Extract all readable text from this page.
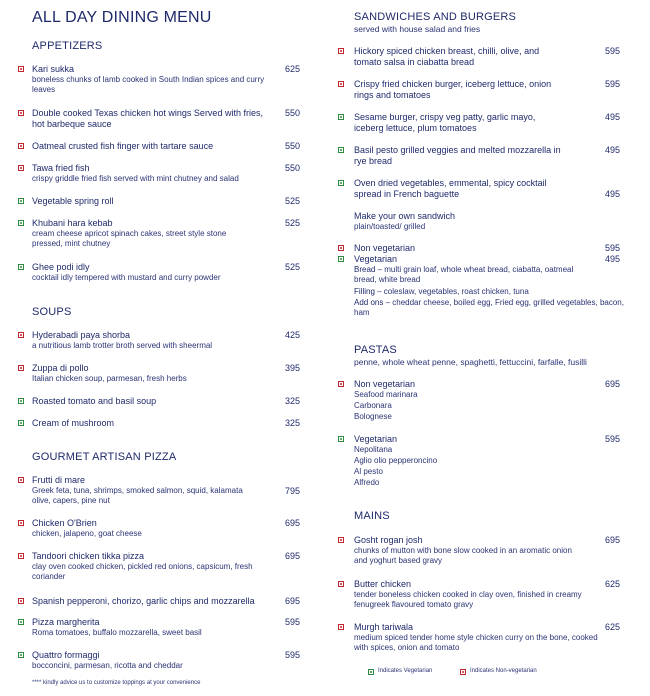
ALL DAY DINING MENU
APPETIZERS
Kari sukka
boneless chunks of lamb cooked in South Indian spices and curry leaves
625
Double cooked Texas chicken hot wings Served with fries, hot barbeque sauce
550
Oatmeal crusted fish finger with tartare sauce	550
Tawa fried fish
crispy griddle fried fish served with mint chutney and salad
550
Vegetable spring roll	525
Khubani hara kebab
cream cheese apricot spinach cakes, street style stone pressed, mint chutney
525
Ghee podi idly
cocktail idly tempered with mustard and curry powder
525
SOUPS
Hyderabadi paya shorba
a nutritious lamb trotter broth served with sheermal
425
Zuppa di pollo
Italian chicken soup, parmesan, fresh herbs
395
Roasted tomato and basil soup	325
Cream of mushroom	325
GOURMET ARTISAN PIZZA
Frutti di mare
Greek feta, tuna, shrimps, smoked salmon, squid, kalamata olive, capers, pine nut
795
Chicken O'Brien
chicken, jalapeno, goat cheese
695
Tandoori chicken tikka pizza
clay oven cooked chicken, pickled red onions, capsicum, fresh coriander
695
Spanish pepperoni, chorizo, garlic chips and mozzarella	695
Pizza margherita
Roma tomatoes, buffalo mozzarella, sweet basil
595
Quattro formaggi
bocconcini, parmesan, ricotta and cheddar
595
**** kindly advice us to customize toppings at your convenience
SANDWICHES AND BURGERS
served with house salad and fries
Hickory spiced chicken breast, chilli, olive, and tomato salsa in ciabatta bread
595
Crispy fried chicken burger, iceberg lettuce, onion rings and tomatoes
595
Sesame burger, crispy veg patty, garlic mayo, iceberg lettuce, plum tomatoes
495
Basil pesto grilled veggies and melted mozzarella in rye bread
495
Oven dried vegetables, emmental, spicy cocktail spread in French baguette	495
Make your own sandwich
plain/toasted/ grilled
Non vegetarian	595
Vegetarian	495
Bread – multi grain loaf, whole wheat bread, ciabatta, oatmeal bread, white bread
Filling – coleslaw, vegetables, roast chicken, tuna
Add ons – cheddar cheese, boiled egg, Fried egg, grilled vegetables, bacon, ham
PASTAS
penne, whole wheat penne, spaghetti, fettuccini, farfalle, fusilli
Non vegetarian	695
Seafood marinara
Carbonara
Bolognese
Vegetarian	595
Nepolitana
Aglio olio pepperoncino
Al pesto
Alfredo
MAINS
Gosht rogan josh
chunks of mutton with bone slow cooked in an aromatic onion and yoghurt based gravy
695
Butter chicken
tender boneless chicken cooked in clay oven, finished in creamy fenugreek flavoured tomato gravy
625
Murgh tariwala
medium spiced tender home style chicken curry on the bone, cooked with spices, onion and tomato
625
Indicates Vegetarian	Indicates Non-vegetarian
